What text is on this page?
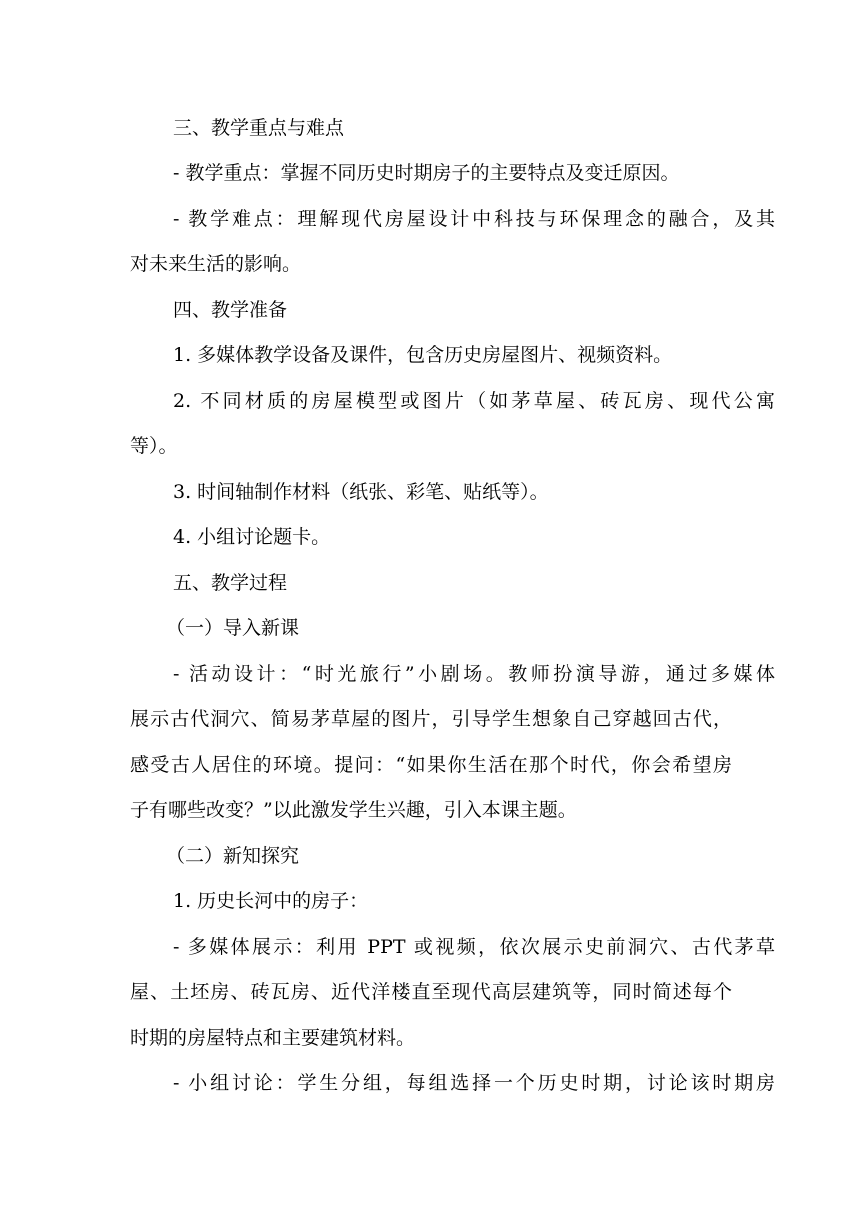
三、教学重点与难点
- 教学重点：掌握不同历史时期房子的主要特点及变迁原因。
- 教学难点：理解现代房屋设计中科技与环保理念的融合，及其
对未来生活的影响。
四、教学准备
1. 多媒体教学设备及课件，包含历史房屋图片、视频资料。
2. 不同材质的房屋模型或图片（如茅草屋、砖瓦房、现代公寓
等）。
3. 时间轴制作材料（纸张、彩笔、贴纸等）。
4. 小组讨论题卡。
五、教学过程
（一）导入新课
- 活动设计：“时光旅行”小剧场。教师扮演导游，通过多媒体
展示古代洞穴、简易茅草屋的图片，引导学生想象自己穿越回古代，
感受古人居住的环境。提问：“如果你生活在那个时代，你会希望房
子有哪些改变？”以此激发学生兴趣，引入本课主题。
（二）新知探究
1. 历史长河中的房子：
- 多媒体展示：利用 PPT 或视频，依次展示史前洞穴、古代茅草
屋、土坯房、砖瓦房、近代洋楼直至现代高层建筑等，同时简述每个
时期的房屋特点和主要建筑材料。
- 小组讨论：学生分组，每组选择一个历史时期，讨论该时期房
